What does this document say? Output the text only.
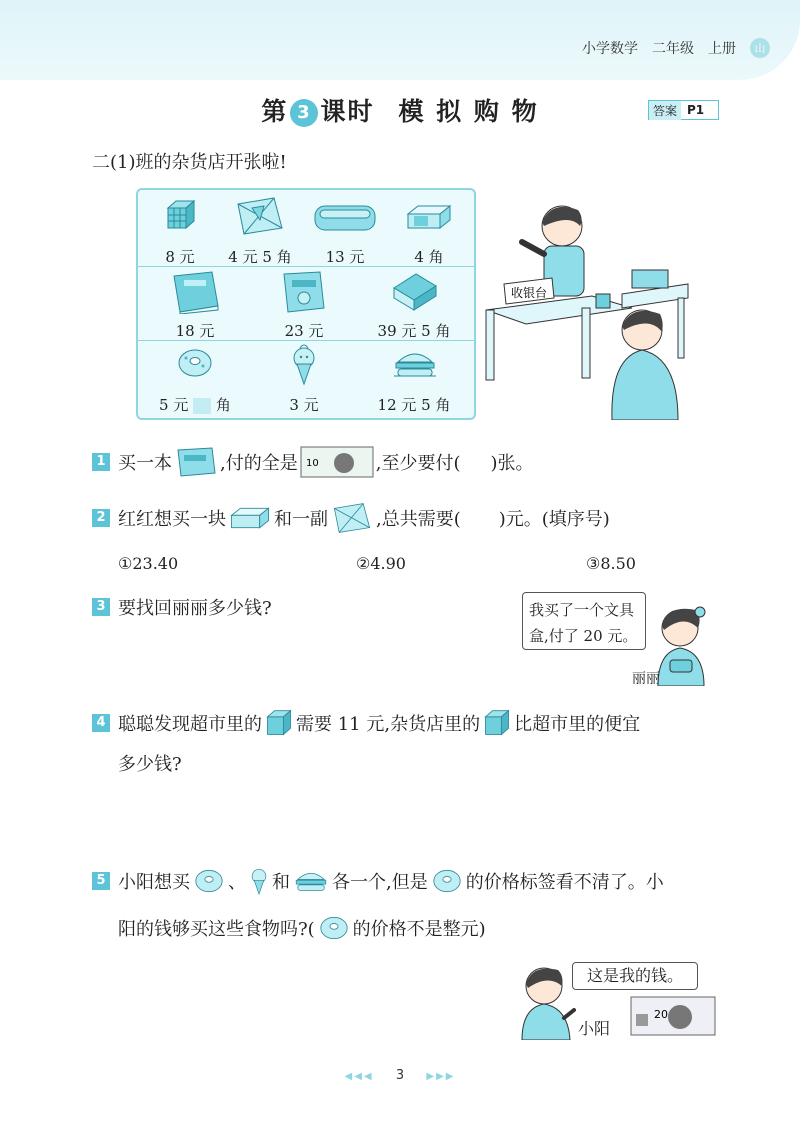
小学数学 二年级 上册	山
第 3 课时 模 拟 购 物	答案 P1
二(1)班的杂货店开张啦!
8 元	4 元 5 角	13 元	4 角
18 元	23 元	39 元 5 角
5 元 角	3 元	12 元 5 角
收银台
1 买一本	,付的全是 10	,至少要付( )张。
2 红红想买一块	和一副	,总共需要( )元。(填序号)
①23.40	②4.90	③8.50
3 要找回丽丽多少钱?	我买了一个文具
盒,付了 20 元。
丽丽
4 聪聪发现超市里的 需要 11 元,杂货店里的 比超市里的便宜
多少钱?
5 小阳想买 、 和 各一个,但是 的价格标签看不清了。小
阳的钱够买这些食物吗?( 的价格不是整元)
这是我的钱。
小阳
20
◀◀◀ 3 ▶▶▶
